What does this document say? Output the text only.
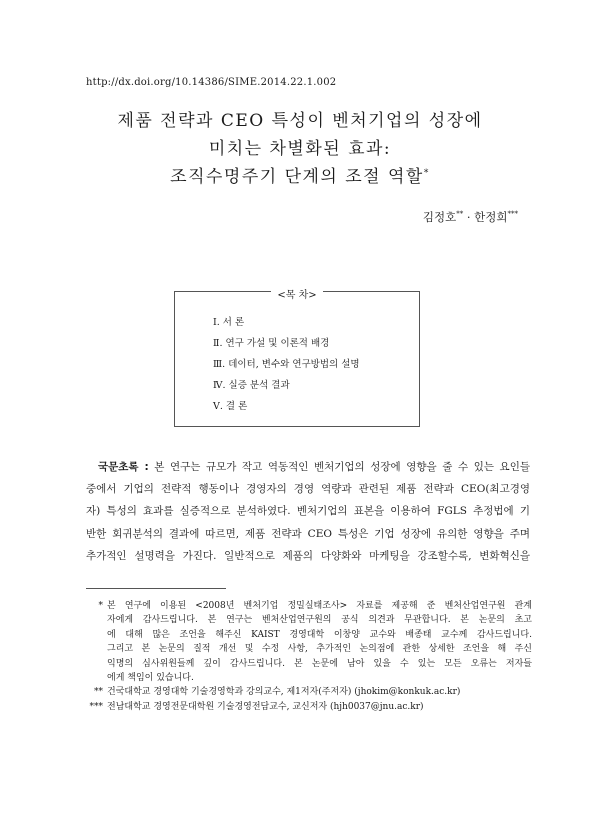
http://dx.doi.org/10.14386/SIME.2014.22.1.002
제품 전략과 CEO 특성이 벤처기업의 성장에
미치는 차별화된 효과:
조직수명주기 단계의 조절 역할*
김정호** · 한정희***
<목 차>
Ⅰ. 서 론
Ⅱ. 연구 가설 및 이론적 배경
Ⅲ. 데이터, 변수와 연구방법의 설명
Ⅳ. 실증 분석 결과
Ⅴ. 결 론
국문초록 : 본 연구는 규모가 작고 역동적인 벤처기업의 성장에 영향을 줄 수 있는 요인들
중에서 기업의 전략적 행동이나 경영자의 경영 역량과 관련된 제품 전략과 CEO(최고경영
자) 특성의 효과를 실증적으로 분석하였다. 벤처기업의 표본을 이용하여 FGLS 추정법에 기
반한 회귀분석의 결과에 따르면, 제품 전략과 CEO 특성은 기업 성장에 유의한 영향을 주며
추가적인 설명력을 가진다. 일반적으로 제품의 다양화와 마케팅을 강조할수록, 변화혁신을
* 본 연구에 이용된 <2008년 벤처기업 정밀실태조사> 자료를 제공해 준 벤처산업연구원 관계
자에게 감사드립니다. 본 연구는 벤처산업연구원의 공식 의견과 무관합니다. 본 논문의 초고
에 대해 많은 조언을 해주신 KAIST 경영대학 이창양 교수와 배종태 교수께 감사드립니다.
그리고 본 논문의 질적 개선 및 수정 사항, 추가적인 논의점에 관한 상세한 조언을 해 주신
익명의 심사위원들께 깊이 감사드립니다. 본 논문에 남아 있을 수 있는 모든 오류는 저자들
에게 책임이 있습니다.
** 건국대학교 경영대학 기술경영학과 강의교수, 제1저자(주저자) (jhokim@konkuk.ac.kr)
*** 전남대학교 경영전문대학원 기술경영전담교수, 교신저자 (hjh0037@jnu.ac.kr)
